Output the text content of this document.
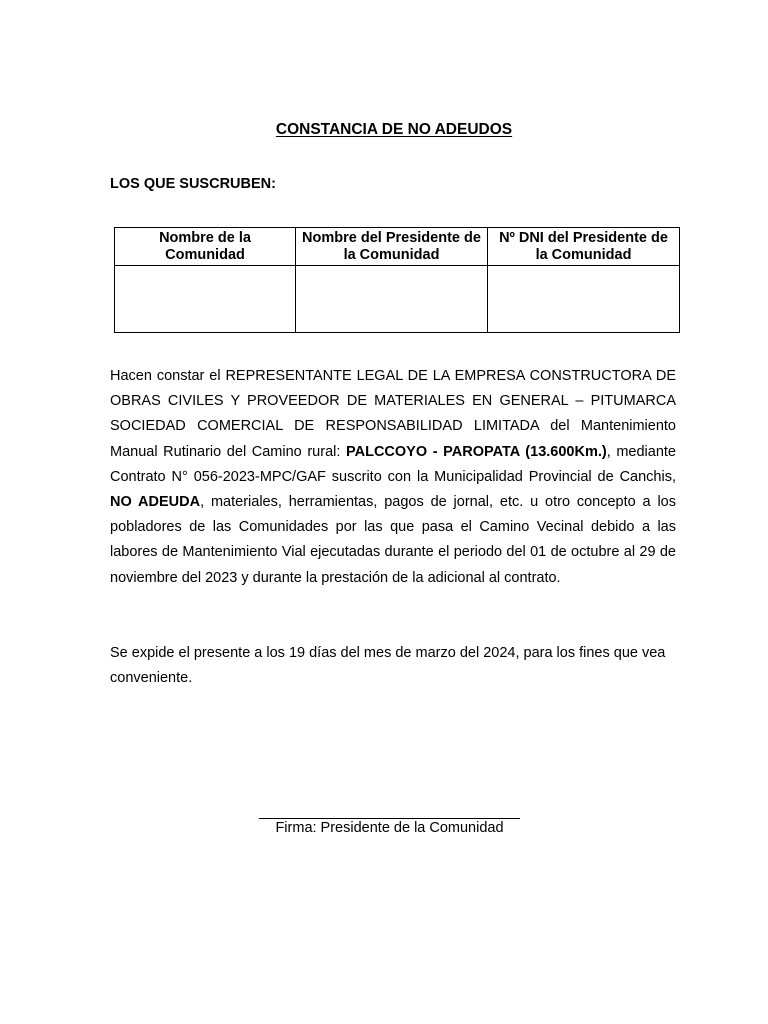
CONSTANCIA DE NO ADEUDOS
LOS QUE SUSCRUBEN:
Nombre de la Comunidad	Nombre del Presidente de la Comunidad	Nº DNI del Presidente de la Comunidad

Hacen constar el REPRESENTANTE LEGAL DE LA EMPRESA CONSTRUCTORA DE OBRAS CIVILES Y PROVEEDOR DE MATERIALES EN GENERAL – PITUMARCA SOCIEDAD COMERCIAL DE RESPONSABILIDAD LIMITADA del Mantenimiento Manual Rutinario del Camino rural: PALCCOYO - PAROPATA (13.600Km.), mediante Contrato N° 056-2023-MPC/GAF suscrito con la Municipalidad Provincial de Canchis, NO ADEUDA, materiales, herramientas, pagos de jornal, etc. u otro concepto a los pobladores de las Comunidades por las que pasa el Camino Vecinal debido a las labores de Mantenimiento Vial ejecutadas durante el periodo del 01 de octubre al 29 de noviembre del 2023 y durante la prestación de la adicional al contrato.

Se expide el presente a los 19 días del mes de marzo del 2024, para los fines que vea conveniente.

Firma: Presidente de la Comunidad
